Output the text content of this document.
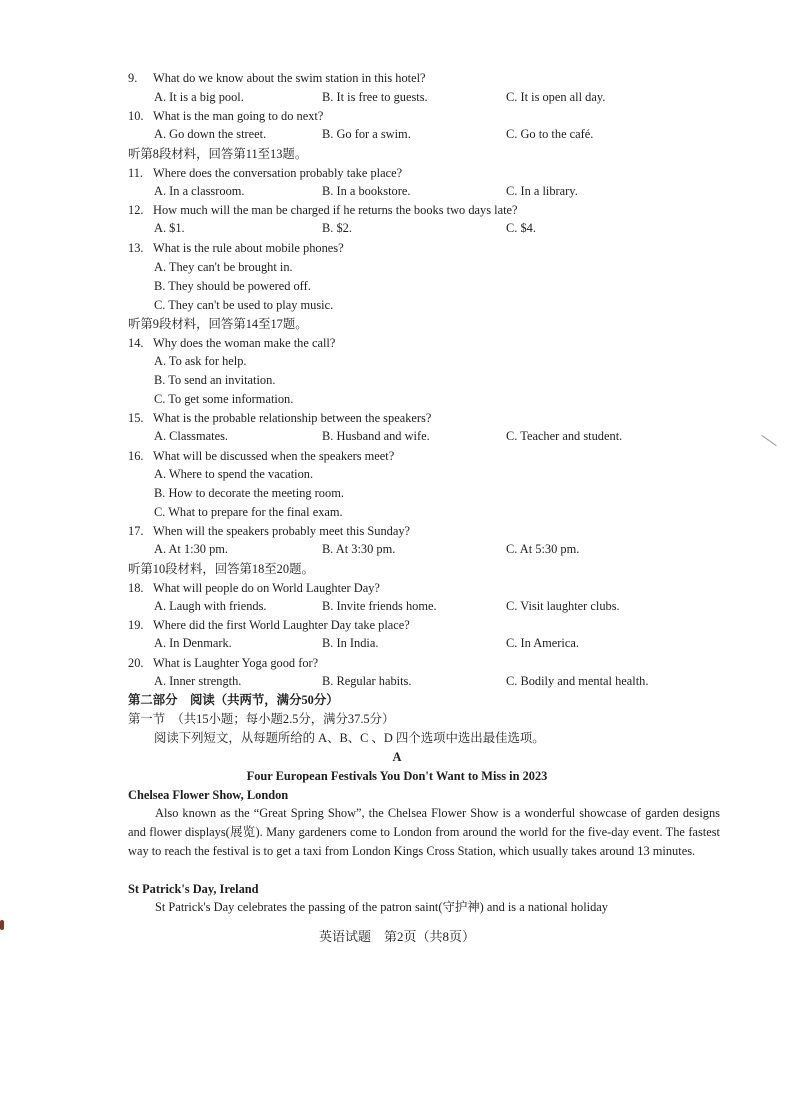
9. What do we know about the swim station in this hotel?
A. It is a big pool.	B. It is free to guests.	C. It is open all day.
10. What is the man going to do next?
A. Go down the street.	B. Go for a swim.	C. Go to the café.
听第8段材料，回答第11至13题。
11. Where does the conversation probably take place?
A. In a classroom.	B. In a bookstore.	C. In a library.
12. How much will the man be charged if he returns the books two days late?
A. $1.	B. $2.	C. $4.
13. What is the rule about mobile phones?
A. They can't be brought in.
B. They should be powered off.
C. They can't be used to play music.
听第9段材料，回答第14至17题。
14. Why does the woman make the call?
A. To ask for help.
B. To send an invitation.
C. To get some information.
15. What is the probable relationship between the speakers?
A. Classmates.	B. Husband and wife.	C. Teacher and student.
16. What will be discussed when the speakers meet?
A. Where to spend the vacation.
B. How to decorate the meeting room.
C. What to prepare for the final exam.
17. When will the speakers probably meet this Sunday?
A. At 1:30 pm.	B. At 3:30 pm.	C. At 5:30 pm.
听第10段材料，回答第18至20题。
18. What will people do on World Laughter Day?
A. Laugh with friends.	B. Invite friends home.	C. Visit laughter clubs.
19. Where did the first World Laughter Day take place?
A. In Denmark.	B. In India.	C. In America.
20. What is Laughter Yoga good for?
A. Inner strength.	B. Regular habits.	C. Bodily and mental health.
第二部分　阅读（共两节，满分50分）
第一节　（共15小题；每小题2.5分，满分37.5分）
阅读下列短文，从每题所给的 A、B、C 、D 四个选项中选出最佳选项。
A
Four European Festivals You Don't Want to Miss in 2023
Chelsea Flower Show, London
Also known as the “Great Spring Show”, the Chelsea Flower Show is a wonderful showcase of garden designs and flower displays(展览). Many gardeners come to London from around the world for the five-day event. The fastest way to reach the festival is to get a taxi from London Kings Cross Station, which usually takes around 13 minutes.
St Patrick's Day, Ireland
St Patrick's Day celebrates the passing of the patron saint(守护神) and is a national holiday
英语试题　第2页（共8页）
